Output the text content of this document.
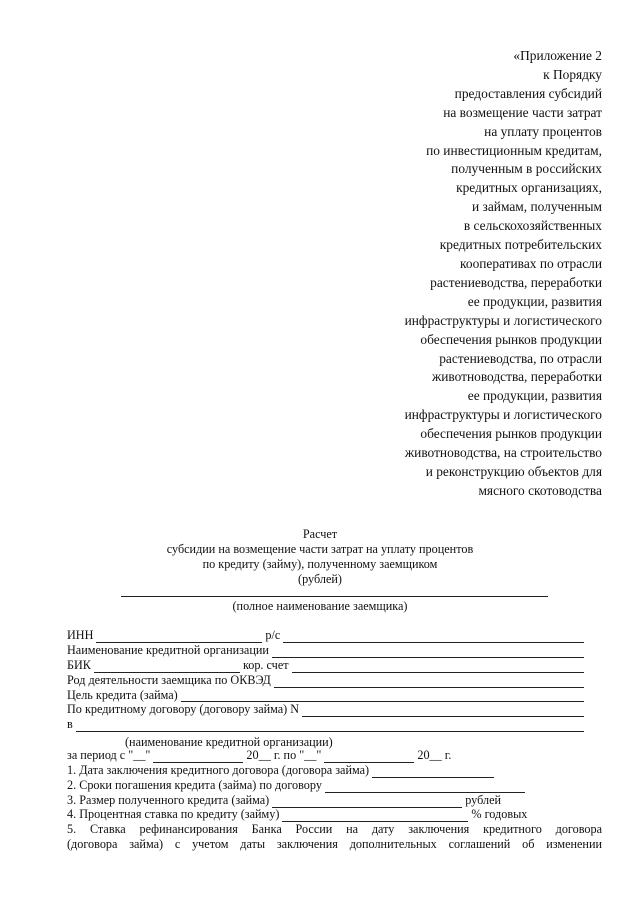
«Приложение 2
к Порядку
предоставления субсидий
на возмещение части затрат
на уплату процентов
по инвестиционным кредитам,
полученным в российских
кредитных организациях,
и займам, полученным
в сельскохозяйственных
кредитных потребительских
кооперативах по отрасли
растениеводства, переработки
ее продукции, развития
инфраструктуры и логистического
обеспечения рынков продукции
растениеводства, по отрасли
животноводства, переработки
ее продукции, развития
инфраструктуры и логистического
обеспечения рынков продукции
животноводства, на строительство
и реконструкцию объектов для
мясного скотоводства
Расчет
субсидии на возмещение части затрат на уплату процентов
по кредиту (займу), полученному заемщиком
(рублей)
(полное наименование заемщика)
ИНН	р/с
Наименование кредитной организации
БИК	кор. счет
Род деятельности заемщика по ОКВЭД
Цель кредита (займа)
По кредитному договору (договору займа) N
в
(наименование кредитной организации)
за период с "__"	20__ г. по "__"	20__ г.
1. Дата заключения кредитного договора (договора займа)
2. Сроки погашения кредита (займа) по договору
3. Размер полученного кредита (займа)	рублей
4. Процентная ставка по кредиту (займу)	% годовых
5. Ставка рефинансирования Банка России на дату заключения кредитного договора
(договора займа) с учетом даты заключения дополнительных соглашений об изменении
